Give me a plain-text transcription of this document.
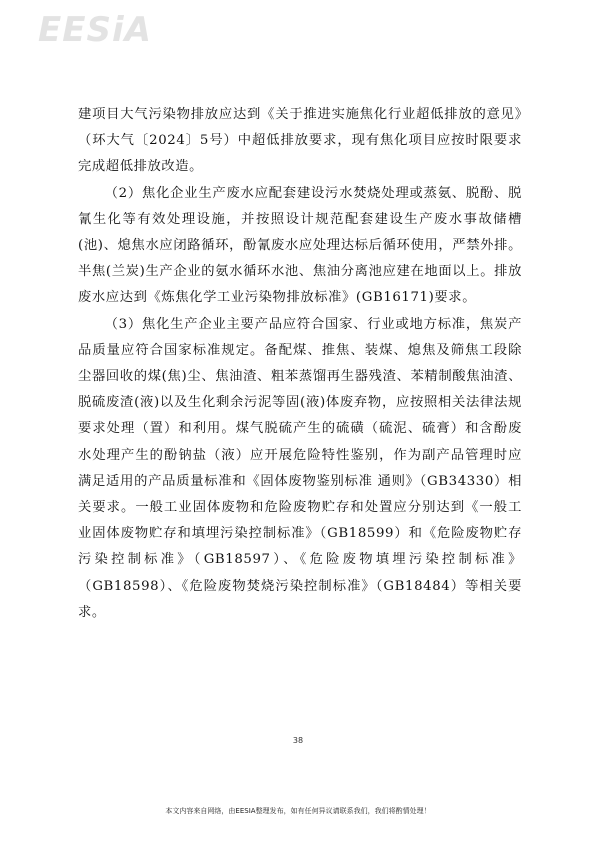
EESiA

建项目大气污染物排放应达到《关于推进实施焦化行业超低排放的意见》（环大气〔2024〕5号）中超低排放要求，现有焦化项目应按时限要求完成超低排放改造。

（2）焦化企业生产废水应配套建设污水焚烧处理或蒸氨、脱酚、脱氰生化等有效处理设施，并按照设计规范配套建设生产废水事故储槽(池)、熄焦水应闭路循环，酚氰废水应处理达标后循环使用，严禁外排。半焦(兰炭)生产企业的氨水循环水池、焦油分离池应建在地面以上。排放废水应达到《炼焦化学工业污染物排放标准》(GB16171)要求。

（3）焦化生产企业主要产品应符合国家、行业或地方标准，焦炭产品质量应符合国家标准规定。备配煤、推焦、装煤、熄焦及筛焦工段除尘器回收的煤(焦)尘、焦油渣、粗苯蒸馏再生器残渣、苯精制酸焦油渣、脱硫废渣(液)以及生化剩余污泥等固(液)体废弃物，应按照相关法律法规要求处理（置）和利用。煤气脱硫产生的硫磺（硫泥、硫膏）和含酚废水处理产生的酚钠盐（液）应开展危险特性鉴别，作为副产品管理时应满足适用的产品质量标准和《固体废物鉴别标准 通则》（GB34330）相关要求。一般工业固体废物和危险废物贮存和处置应分别达到《一般工业固体废物贮存和填埋污染控制标准》（GB18599）和《危险废物贮存污染控制标准》（GB18597）、《危险废物填埋污染控制标准》（GB18598）、《危险废物焚烧污染控制标准》（GB18484）等相关要求。

38
本文内容来自网络，由EESIA整理发布，如有任何异议请联系我们，我们将酌情处理！
